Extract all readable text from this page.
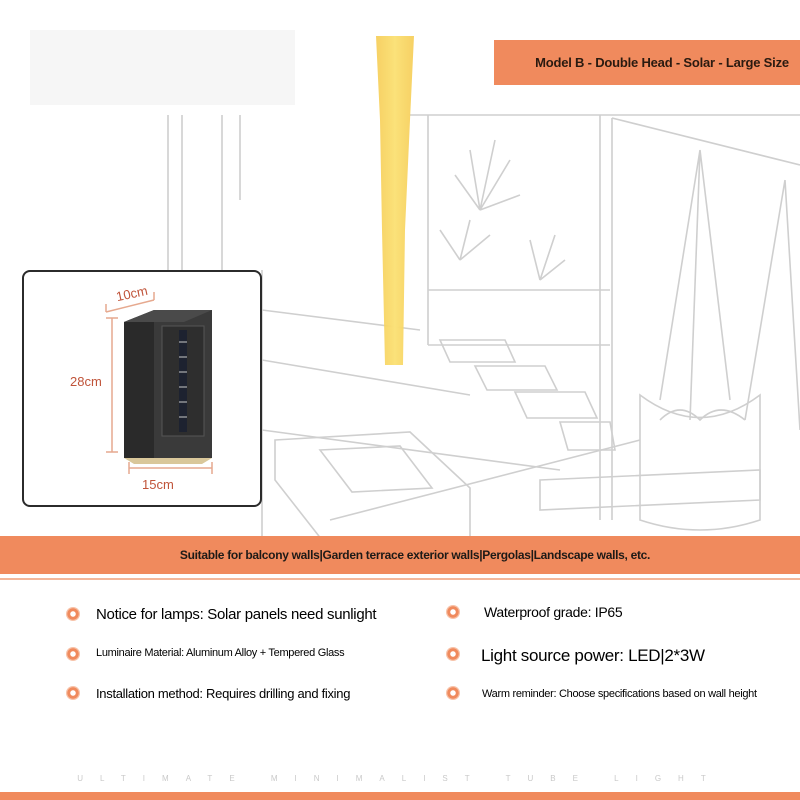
Model B - Double Head - Solar - Large Size
10cm
28cm
15cm
Suitable for balcony walls|Garden terrace exterior walls|Pergolas|Landscape walls, etc.
Notice for lamps: Solar panels need sunlight
Luminaire Material: Aluminum Alloy + Tempered Glass
Installation method: Requires drilling and fixing
Waterproof grade: IP65
Light source power: LED|2*3W
Warm reminder: Choose specifications based on wall height
ULTIMATE MINIMALIST TUBE LIGHT
